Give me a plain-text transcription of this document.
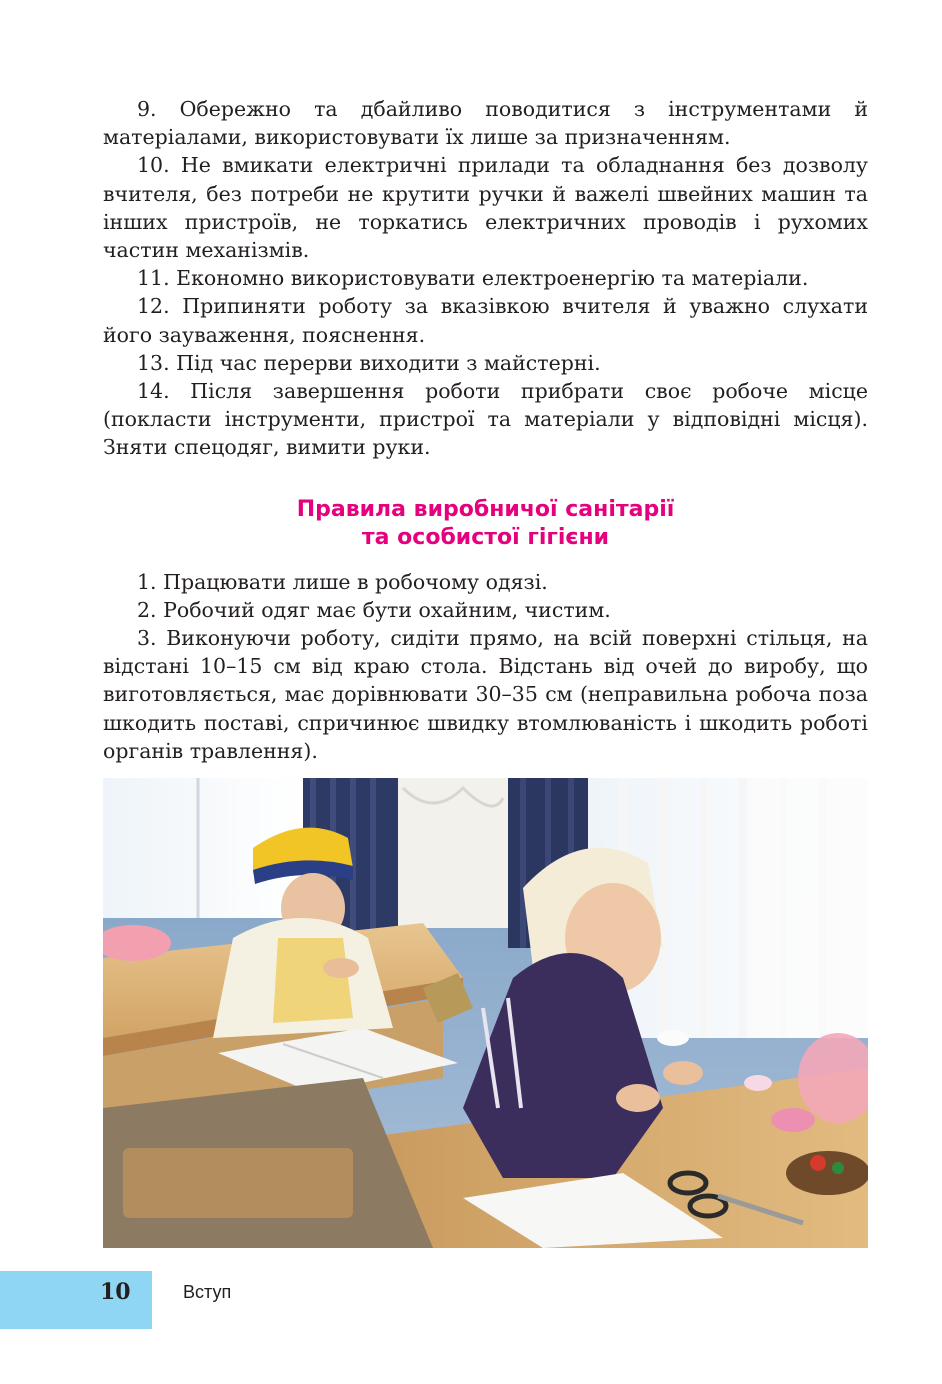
9. Обережно та дбайливо поводитися з інструментами й матеріалами, використовувати їх лише за призначенням.

10. Не вмикати електричні прилади та обладнання без дозволу вчителя, без потреби не крутити ручки й важелі швейних машин та інших пристроїв, не торкатись електричних проводів і рухомих частин механізмів.

11. Економно використовувати електроенергію та матеріали.

12. Припиняти роботу за вказівкою вчителя й уважно слухати його зауваження, пояснення.

13. Під час перерви виходити з майстерні.

14. Після завершення роботи прибрати своє робоче місце (покласти інструменти, пристрої та матеріали у відповідні місця). Зняти спецодяг, вимити руки.

Правила виробничої санітарії
та особистої гігієни

1. Працювати лише в робочому одязі.

2. Робочий одяг має бути охайним, чистим.

3. Виконуючи роботу, сидіти прямо, на всій поверхні стільця, на відстані 10–15 см від краю стола. Відстань від очей до виробу, що виготовляється, має дорівнювати 30–35 см (неправильна робоча поза шкодить поставі, спричинює швидку втомлюваність і шкодить роботі органів травлення).

10	Вступ
